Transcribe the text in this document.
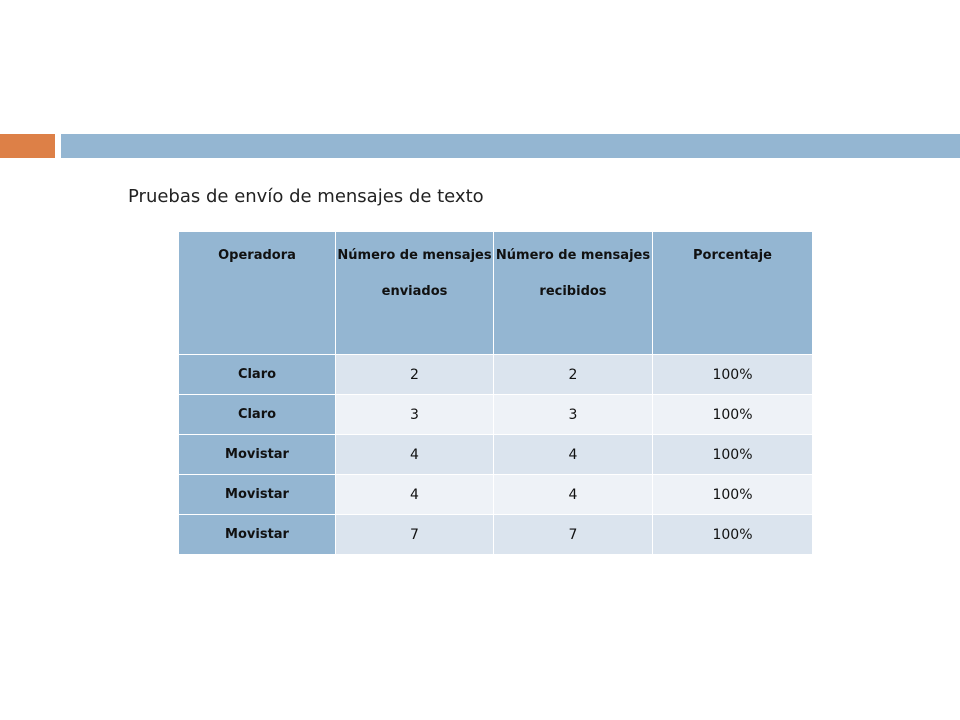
Pruebas de envío de mensajes de texto
Operadora	Número de mensajes enviados	Número de mensajes recibidos	Porcentaje
Claro	2	2	100%
Claro	3	3	100%
Movistar	4	4	100%
Movistar	4	4	100%
Movistar	7	7	100%
